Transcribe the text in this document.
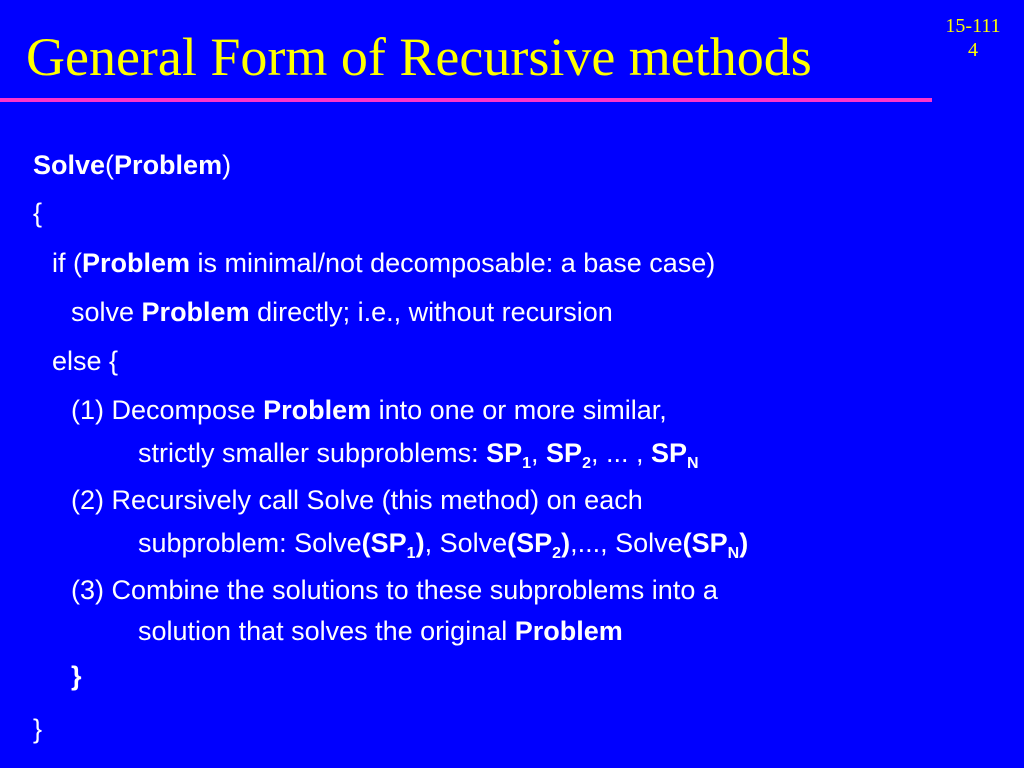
General Form of Recursive methods
15-111
4
Solve(Problem)
{
if (Problem is minimal/not decomposable: a base case)
solve Problem directly; i.e., without recursion
else {
(1) Decompose Problem into one or more similar,
strictly smaller subproblems: $SP_1$, $SP_2$, ... , $SP_N$
(2) Recursively call Solve (this method) on each
subproblem: $Solve(SP_1)$, $Solve(SP_2)$,..., $Solve(SP_N)$
(3) Combine the solutions to these subproblems into a
solution that solves the original Problem
}
}
